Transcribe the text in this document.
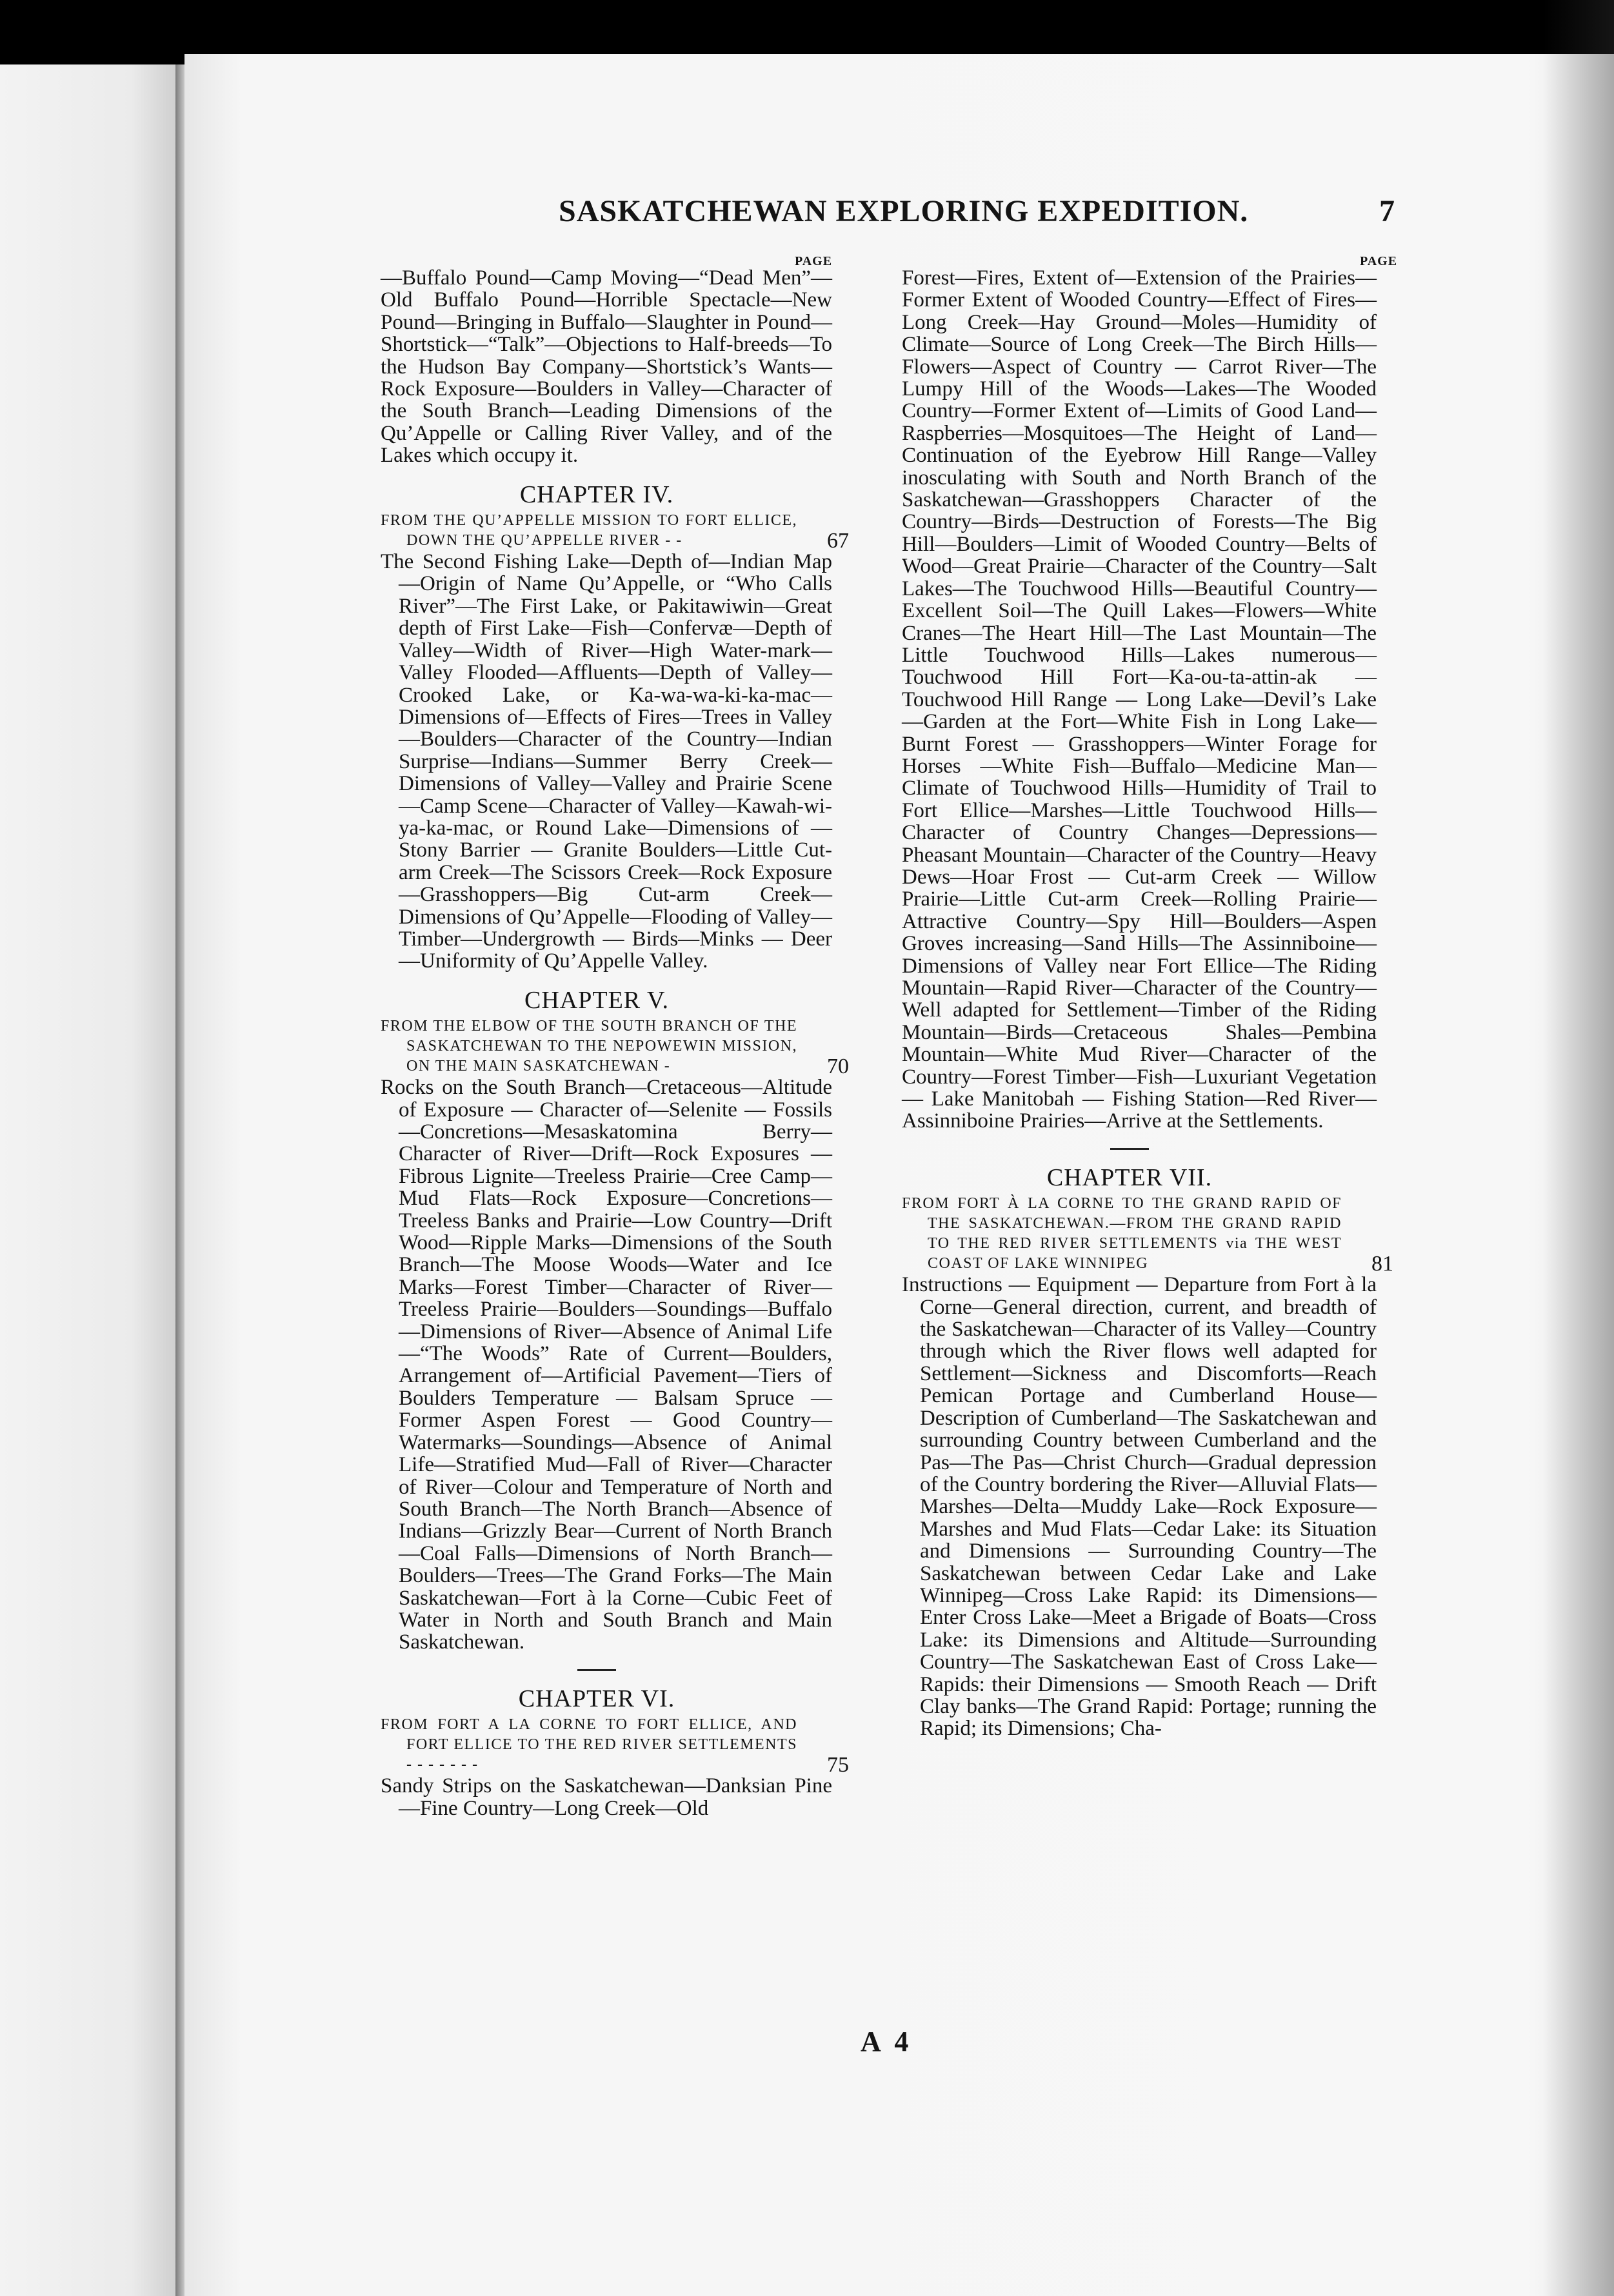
SASKATCHEWAN EXPLORING EXPEDITION.	7
PAGE	PAGE

—Buffalo Pound—Camp Moving—“Dead Men”—Old Buffalo Pound—Horrible Spectacle—New Pound—Bringing in Buffalo—Slaughter in Pound—Shortstick—“Talk”—Objections to Half-breeds—To the Hudson Bay Company—Shortstick’s Wants—Rock Exposure—Boulders in Valley—Character of the South Branch—Leading Dimensions of the Qu’Appelle or Calling River Valley, and of the Lakes which occupy it.

CHAPTER IV.
FROM THE QU’APPELLE MISSION TO FORT ELLICE, DOWN THE QU’APPELLE RIVER - -	67

The Second Fishing Lake—Depth of—Indian Map—Origin of Name Qu’Appelle, or “Who Calls River”—The First Lake, or Pakitawiwin—Great depth of First Lake—Fish—Confervæ—Depth of Valley—Width of River—High Water-mark—Valley Flooded—Affluents—Depth of Valley—Crooked Lake, or Ka-wa-wa-ki-ka-mac—Dimensions of—Effects of Fires—Trees in Valley—Boulders—Character of the Country—Indian Surprise—Indians—Summer Berry Creek—Dimensions of Valley—Valley and Prairie Scene—Camp Scene—Character of Valley—Kawah-wi-ya-ka-mac, or Round Lake—Dimensions of — Stony Barrier — Granite Boulders—Little Cut-arm Creek—The Scissors Creek—Rock Exposure—Grasshoppers—Big Cut-arm Creek—Dimensions of Qu’Appelle—Flooding of Valley—Timber—Undergrowth — Birds—Minks — Deer—Uniformity of Qu’Appelle Valley.

CHAPTER V.
FROM THE ELBOW OF THE SOUTH BRANCH OF THE SASKATCHEWAN TO THE NEPOWEWIN MISSION, ON THE MAIN SASKATCHEWAN -	70

Rocks on the South Branch—Cretaceous—Altitude of Exposure — Character of—Selenite — Fossils—Concretions—Mesaskatomina Berry—Character of River—Drift—Rock Exposures — Fibrous Lignite—Treeless Prairie—Cree Camp—Mud Flats—Rock Exposure—Concretions—Treeless Banks and Prairie—Low Country—Drift Wood—Ripple Marks—Dimensions of the South Branch—The Moose Woods—Water and Ice Marks—Forest Timber—Character of River—Treeless Prairie—Boulders—Soundings—Buffalo—Dimensions of River—Absence of Animal Life—“The Woods” Rate of Current—Boulders, Arrangement of—Artificial Pavement—Tiers of Boulders Temperature — Balsam Spruce — Former Aspen Forest — Good Country—Watermarks—Soundings—Absence of Animal Life—Stratified Mud—Fall of River—Character of River—Colour and Temperature of North and South Branch—The North Branch—Absence of Indians—Grizzly Bear—Current of North Branch—Coal Falls—Dimensions of North Branch—Boulders—Trees—The Grand Forks—The Main Saskatchewan—Fort à la Corne—Cubic Feet of Water in North and South Branch and Main Saskatchewan.

CHAPTER VI.
FROM FORT A LA CORNE TO FORT ELLICE, AND FORT ELLICE TO THE RED RIVER SETTLEMENTS - - - - - - -	75

Sandy Strips on the Saskatchewan—Danksian Pine—Fine Country—Long Creek—Old

Forest—Fires, Extent of—Extension of the Prairies—Former Extent of Wooded Country—Effect of Fires—Long Creek—Hay Ground—Moles—Humidity of Climate—Source of Long Creek—The Birch Hills—Flowers—Aspect of Country — Carrot River—The Lumpy Hill of the Woods—Lakes—The Wooded Country—Former Extent of—Limits of Good Land—Raspberries—Mosquitoes—The Height of Land—Continuation of the Eyebrow Hill Range—Valley inosculating with South and North Branch of the Saskatchewan—Grasshoppers Character of the Country—Birds—Destruction of Forests—The Big Hill—Boulders—Limit of Wooded Country—Belts of Wood—Great Prairie—Character of the Country—Salt Lakes—The Touchwood Hills—Beautiful Country—Excellent Soil—The Quill Lakes—Flowers—White Cranes—The Heart Hill—The Last Mountain—The Little Touchwood Hills—Lakes numerous—Touchwood Hill Fort—Ka-ou-ta-attin-ak — Touchwood Hill Range — Long Lake—Devil’s Lake—Garden at the Fort—White Fish in Long Lake—Burnt Forest — Grasshoppers—Winter Forage for Horses —White Fish—Buffalo—Medicine Man—Climate of Touchwood Hills—Humidity of Trail to Fort Ellice—Marshes—Little Touchwood Hills—Character of Country Changes—Depressions—Pheasant Mountain—Character of the Country—Heavy Dews—Hoar Frost — Cut-arm Creek — Willow Prairie—Little Cut-arm Creek—Rolling Prairie—Attractive Country—Spy Hill—Boulders—Aspen Groves increasing—Sand Hills—The Assinniboine—Dimensions of Valley near Fort Ellice—The Riding Mountain—Rapid River—Character of the Country—Well adapted for Settlement—Timber of the Riding Mountain—Birds—Cretaceous Shales—Pembina Mountain—White Mud River—Character of the Country—Forest Timber—Fish—Luxuriant Vegetation — Lake Manitobah — Fishing Station—Red River—Assinniboine Prairies—Arrive at the Settlements.

CHAPTER VII.
FROM FORT À LA CORNE TO THE GRAND RAPID OF THE SASKATCHEWAN.—FROM THE GRAND RAPID TO THE RED RIVER SETTLEMENTS via THE WEST COAST OF LAKE WINNIPEG	81

Instructions — Equipment — Departure from Fort à la Corne—General direction, current, and breadth of the Saskatchewan—Character of its Valley—Country through which the River flows well adapted for Settlement—Sickness and Discomforts—Reach Pemican Portage and Cumberland House—Description of Cumberland—The Saskatchewan and surrounding Country between Cumberland and the Pas—The Pas—Christ Church—Gradual depression of the Country bordering the River—Alluvial Flats—Marshes—Delta—Muddy Lake—Rock Exposure—Marshes and Mud Flats—Cedar Lake: its Situation and Dimensions — Surrounding Country—The Saskatchewan between Cedar Lake and Lake Winnipeg—Cross Lake Rapid: its Dimensions—Enter Cross Lake—Meet a Brigade of Boats—Cross Lake: its Dimensions and Altitude—Surrounding Country—The Saskatchewan East of Cross Lake—Rapids: their Dimensions — Smooth Reach — Drift Clay banks—The Grand Rapid: Portage; running the Rapid; its Dimensions; Cha-

A 4
